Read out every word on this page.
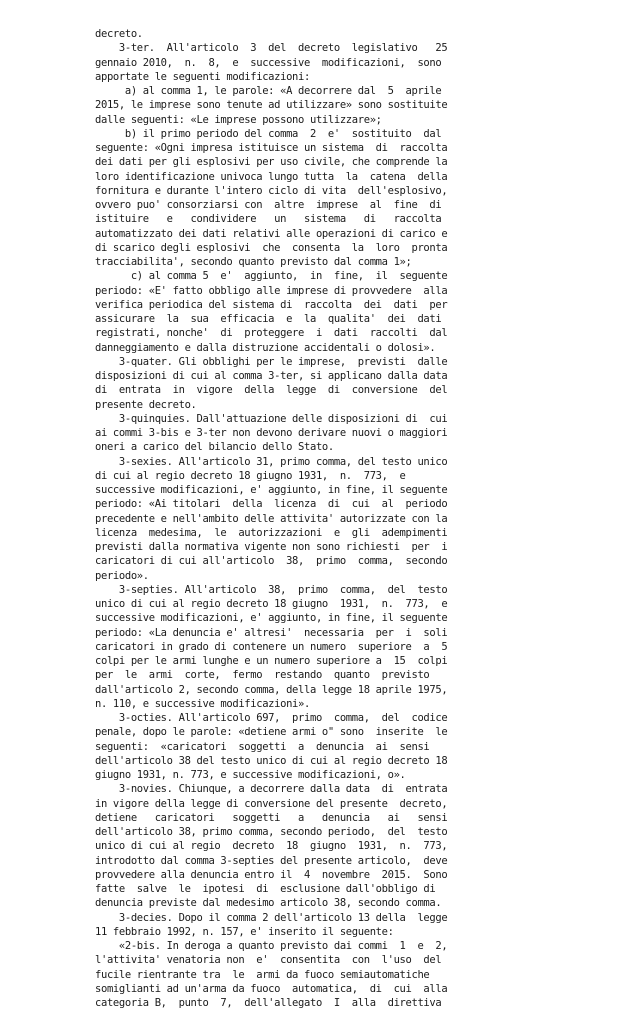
decreto.
3-ter.  All'articolo  3  del  decreto  legislativo   25
gennaio 2010,  n.  8,  e  successive  modificazioni,  sono
apportate le seguenti modificazioni:
a) al comma 1, le parole: «A decorrere dal  5  aprile
2015, le imprese sono tenute ad utilizzare» sono sostituite
dalle seguenti: «Le imprese possono utilizzare»;
b) il primo periodo del comma  2  e'  sostituito  dal
seguente: «Ogni impresa istituisce un sistema  di  raccolta
dei dati per gli esplosivi per uso civile, che comprende la
loro identificazione univoca lungo tutta  la  catena  della
fornitura e durante l'intero ciclo di vita  dell'esplosivo,
ovvero puo' consorziarsi con  altre  imprese  al  fine  di
istituire   e   condividere   un   sistema   di   raccolta
automatizzato dei dati relativi alle operazioni di carico e
di scarico degli esplosivi  che  consenta  la  loro  pronta
tracciabilita', secondo quanto previsto dal comma 1»;
c) al comma 5  e'  aggiunto,  in  fine,  il  seguente
periodo: «E' fatto obbligo alle imprese di provvedere  alla
verifica periodica del sistema di  raccolta  dei  dati  per
assicurare  la  sua  efficacia  e  la  qualita'  dei  dati
registrati, nonche'  di  proteggere  i  dati  raccolti  dal
danneggiamento e dalla distruzione accidentali o dolosi».
3-quater. Gli obblighi per le imprese,  previsti  dalle
disposizioni di cui al comma 3-ter, si applicano dalla data
di  entrata  in  vigore  della  legge  di  conversione  del
presente decreto.
3-quinquies. Dall'attuazione delle disposizioni di  cui
ai commi 3-bis e 3-ter non devono derivare nuovi o maggiori
oneri a carico del bilancio dello Stato.
3-sexies. All'articolo 31, primo comma, del testo unico
di cui al regio decreto 18 giugno 1931,  n.  773,  e
successive modificazioni, e' aggiunto, in fine, il seguente
periodo: «Ai titolari  della  licenza  di  cui  al  periodo
precedente e nell'ambito delle attivita' autorizzate con la
licenza  medesima,  le  autorizzazioni  e  gli  adempimenti
previsti dalla normativa vigente non sono richiesti  per  i
caricatori di cui all'articolo  38,  primo  comma,  secondo
periodo».
3-septies. All'articolo  38,  primo  comma,  del  testo
unico di cui al regio decreto 18 giugno  1931,  n.  773,  e
successive modificazioni, e' aggiunto, in fine, il seguente
periodo: «La denuncia e' altresi'  necessaria  per  i  soli
caricatori in grado di contenere un numero  superiore  a  5
colpi per le armi lunghe e un numero superiore a  15  colpi
per  le  armi  corte,  fermo  restando  quanto  previsto
dall'articolo 2, secondo comma, della legge 18 aprile 1975,
n. 110, e successive modificazioni».
3-octies. All'articolo 697,  primo  comma,  del  codice
penale, dopo le parole: «detiene armi o" sono  inserite  le
seguenti:  «caricatori  soggetti  a  denuncia  ai  sensi
dell'articolo 38 del testo unico di cui al regio decreto 18
giugno 1931, n. 773, e successive modificazioni, o».
3-novies. Chiunque, a decorrere dalla data  di  entrata
in vigore della legge di conversione del presente  decreto,
detiene   caricatori   soggetti   a   denuncia   ai   sensi
dell'articolo 38, primo comma, secondo periodo,  del  testo
unico di cui al regio  decreto  18  giugno  1931,  n.  773,
introdotto dal comma 3-septies del presente articolo,  deve
provvedere alla denuncia entro il  4  novembre  2015.  Sono
fatte  salve  le  ipotesi  di  esclusione dall'obbligo di
denuncia previste dal medesimo articolo 38, secondo comma.
3-decies. Dopo il comma 2 dell'articolo 13 della  legge
11 febbraio 1992, n. 157, e' inserito il seguente:
«2-bis. In deroga a quanto previsto dai commi  1  e  2,
l'attivita' venatoria non  e'  consentita  con  l'uso  del
fucile rientrante tra  le  armi da fuoco semiautomatiche
somiglianti ad un'arma da fuoco  automatica,  di  cui  alla
categoria B,  punto  7,  dell'allegato  I  alla  direttiva
